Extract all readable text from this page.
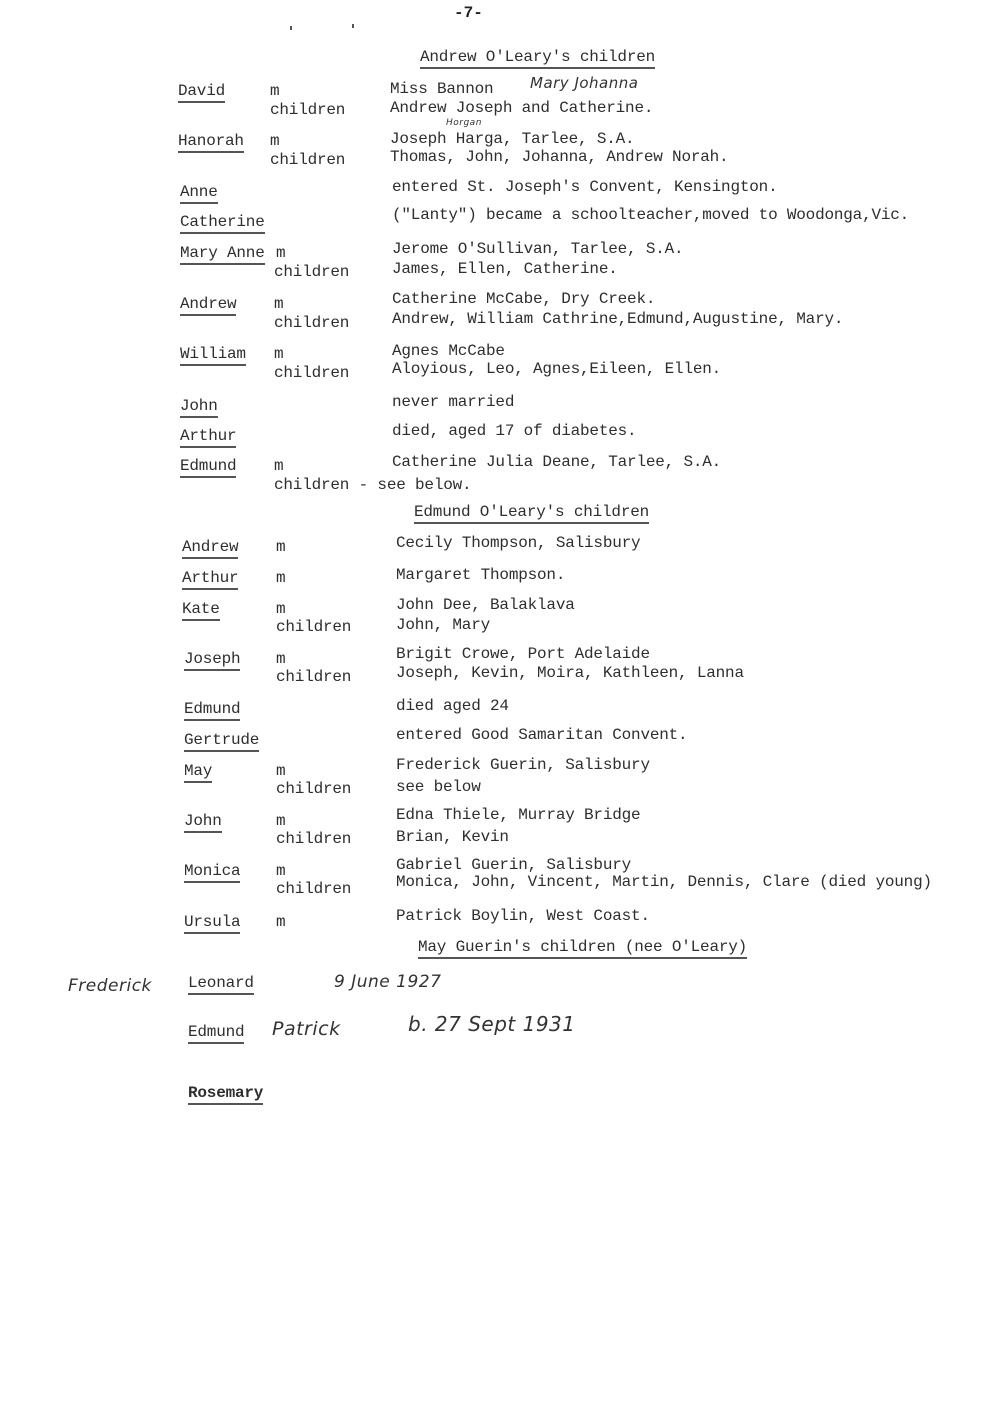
-7-
Andrew O'Leary's children
David	m	Miss Bannon Mary Johanna
children	Andrew Joseph and Catherine.
Horgan
Hanorah m	Joseph Harga, Tarlee, S.A.
children	Thomas, John, Johanna, Andrew Norah.
Anne	entered St. Joseph's Convent, Kensington.
Catherine	("Lanty") became a schoolteacher,moved to Woodonga,Vic.
Mary Anne m	Jerome O'Sullivan, Tarlee, S.A.
children	James, Ellen, Catherine.
Andrew m	Catherine McCabe, Dry Creek.
children	Andrew, William Cathrine,Edmund,Augustine, Mary.
William m	Agnes McCabe
children	Aloyious, Leo, Agnes,Eileen, Ellen.
John	never married
Arthur	died, aged 17 of diabetes.
Edmund m	Catherine Julia Deane, Tarlee, S.A.
children - see below.
Edmund O'Leary's children
Andrew m	Cecily Thompson, Salisbury
Arthur m	Margaret Thompson.
Kate	m	John Dee, Balaklava
children	John, Mary
Joseph m	Brigit Crowe, Port Adelaide
children	Joseph, Kevin, Moira, Kathleen, Lanna
Edmund	died aged 24
Gertrude	entered Good Samaritan Convent.
May	m	Frederick Guerin, Salisbury
children	see below
John	m	Edna Thiele, Murray Bridge
children	Brian, Kevin
Monica m	Gabriel Guerin, Salisbury
children	Monica, John, Vincent, Martin, Dennis, Clare (died young)
Ursula m	Patrick Boylin, West Coast.
May Guerin's children (nee O'Leary)
Frederick Leonard	9 June 1927
Edmund Patrick	b. 27 Sept 1931
Rosemary
